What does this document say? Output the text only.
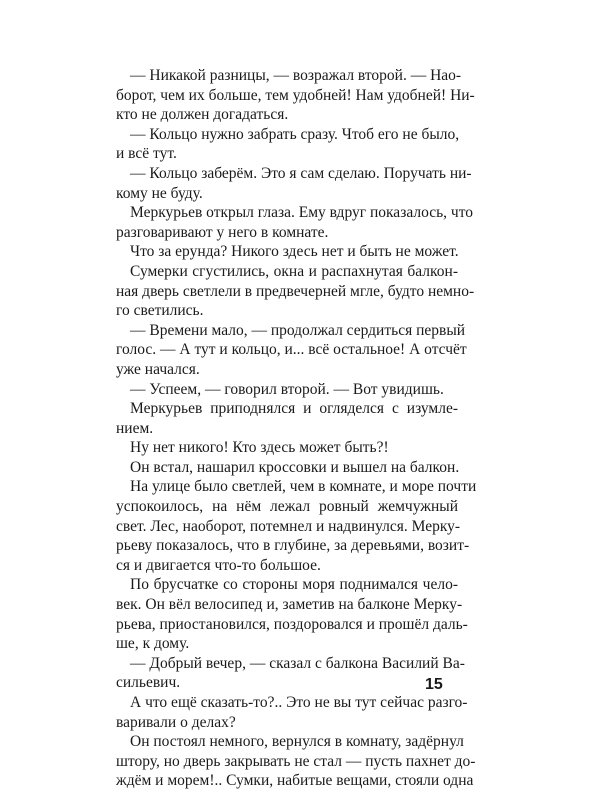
— Никакой разницы, — возражал второй. — Нао-
борот, чем их больше, тем удобней! Нам удобней! Ни-
кто не должен догадаться.
— Кольцо нужно забрать сразу. Чтоб его не было,
и всё тут.
— Кольцо заберём. Это я сам сделаю. Поручать ни-
кому не буду.
Меркурьев открыл глаза. Ему вдруг показалось, что
разговаривают у него в комнате.
Что за ерунда? Никого здесь нет и быть не может.
Сумерки сгустились, окна и распахнутая балкон-
ная дверь светлели в предвечерней мгле, будто немно-
го светились.
— Времени мало, — продолжал сердиться первый
голос. — А тут и кольцо, и... всё остальное! А отсчёт
уже начался.
— Успеем, — говорил второй. — Вот увидишь.
Меркурьев приподнялся и огляделся с изумле-
нием.
Ну нет никого! Кто здесь может быть?!
Он встал, нашарил кроссовки и вышел на балкон.
На улице было светлей, чем в комнате, и море почти
успокоилось, на нём лежал ровный жемчужный
свет. Лес, наоборот, потемнел и надвинулся. Мерку-
рьеву показалось, что в глубине, за деревьями, возит-
ся и двигается что-то большое.
По брусчатке со стороны моря поднимался чело-
век. Он вёл велосипед и, заметив на балконе Мерку-
рьева, приостановился, поздоровался и прошёл даль-
ше, к дому.
— Добрый вечер, — сказал с балкона Василий Ва-
сильевич.
А что ещё сказать-то?.. Это не вы тут сейчас разго-
варивали о делах?
Он постоял немного, вернулся в комнату, задёрнул
штору, но дверь закрывать не стал — пусть пахнет до-
ждём и морем!.. Сумки, набитые вещами, стояли одна
15
